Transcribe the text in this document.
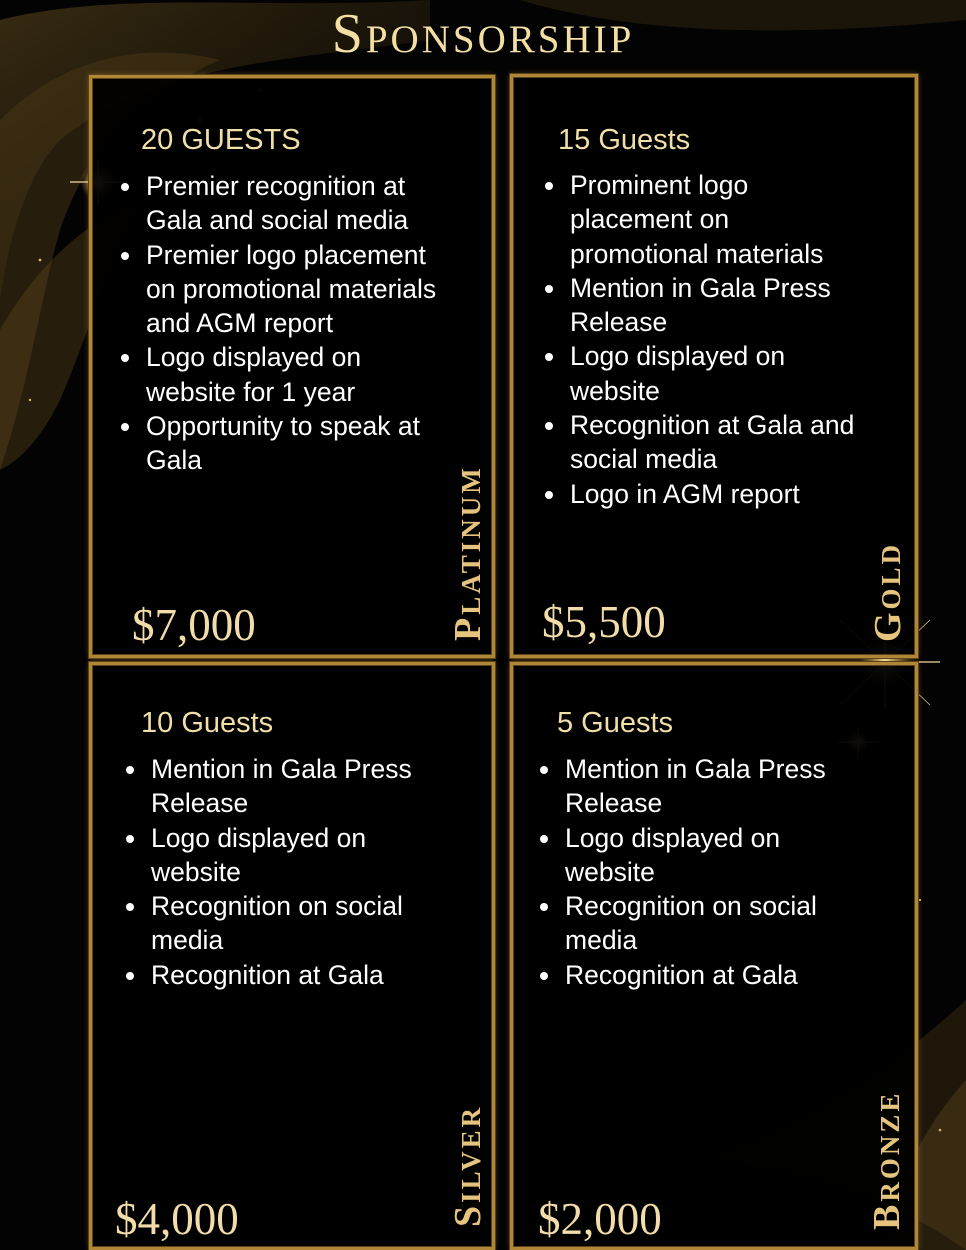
Sponsorship
20 GUESTS
Premier recognition at Gala and social media
Premier logo placement on promotional materials and AGM report
Logo displayed on website for 1 year
Opportunity to speak at Gala
$7,000	Platinum
15 Guests
Prominent logo placement on promotional materials
Mention in Gala Press Release
Logo displayed on website
Recognition at Gala and social media
Logo in AGM report
$5,500	Gold
10 Guests
Mention in Gala Press Release
Logo displayed on website
Recognition on social media
Recognition at Gala
$4,000	Silver
5 Guests
Mention in Gala Press Release
Logo displayed on website
Recognition on social media
Recognition at Gala
$2,000	Bronze
